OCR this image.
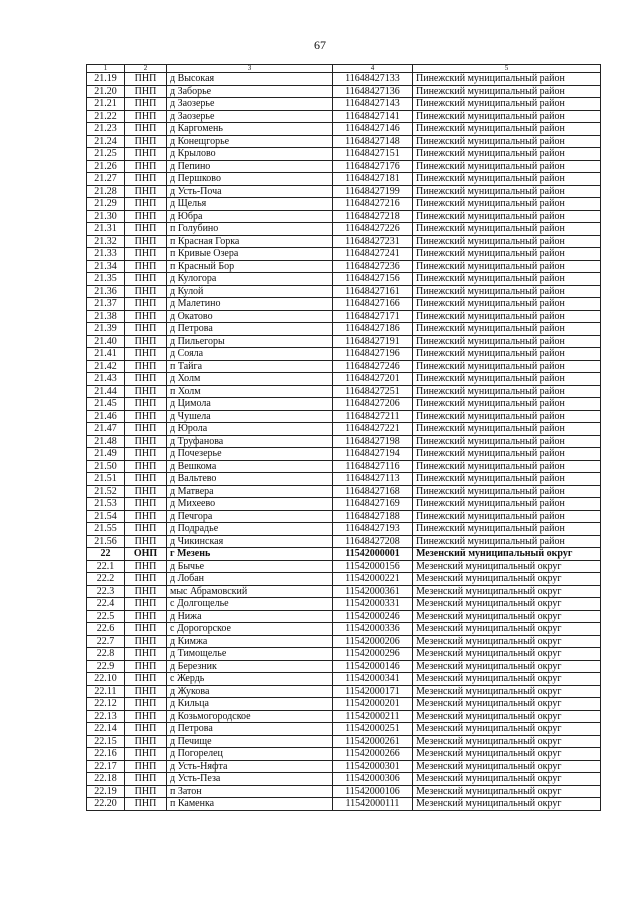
67
1	2	3	4	5
21.19	ПНП	д Высокая	11648427133	Пинежский муниципальный район
21.20	ПНП	д Заборье	11648427136	Пинежский муниципальный район
21.21	ПНП	д Заозерье	11648427143	Пинежский муниципальный район
21.22	ПНП	д Заозерье	11648427141	Пинежский муниципальный район
21.23	ПНП	д Каргомень	11648427146	Пинежский муниципальный район
21.24	ПНП	д Конещгорье	11648427148	Пинежский муниципальный район
21.25	ПНП	д Крылово	11648427151	Пинежский муниципальный район
21.26	ПНП	д Пепино	11648427176	Пинежский муниципальный район
21.27	ПНП	д Першково	11648427181	Пинежский муниципальный район
21.28	ПНП	д Усть-Поча	11648427199	Пинежский муниципальный район
21.29	ПНП	д Щелья	11648427216	Пинежский муниципальный район
21.30	ПНП	д Юбра	11648427218	Пинежский муниципальный район
21.31	ПНП	п Голубино	11648427226	Пинежский муниципальный район
21.32	ПНП	п Красная Горка	11648427231	Пинежский муниципальный район
21.33	ПНП	п Кривые Озера	11648427241	Пинежский муниципальный район
21.34	ПНП	п Красный Бор	11648427236	Пинежский муниципальный район
21.35	ПНП	д Кулогора	11648427156	Пинежский муниципальный район
21.36	ПНП	д Кулой	11648427161	Пинежский муниципальный район
21.37	ПНП	д Малетино	11648427166	Пинежский муниципальный район
21.38	ПНП	д Окатово	11648427171	Пинежский муниципальный район
21.39	ПНП	д Петрова	11648427186	Пинежский муниципальный район
21.40	ПНП	д Пильегоры	11648427191	Пинежский муниципальный район
21.41	ПНП	д Сояла	11648427196	Пинежский муниципальный район
21.42	ПНП	п Тайга	11648427246	Пинежский муниципальный район
21.43	ПНП	д Холм	11648427201	Пинежский муниципальный район
21.44	ПНП	п Холм	11648427251	Пинежский муниципальный район
21.45	ПНП	д Цимола	11648427206	Пинежский муниципальный район
21.46	ПНП	д Чушела	11648427211	Пинежский муниципальный район
21.47	ПНП	д Юрола	11648427221	Пинежский муниципальный район
21.48	ПНП	д Труфанова	11648427198	Пинежский муниципальный район
21.49	ПНП	д Почезерье	11648427194	Пинежский муниципальный район
21.50	ПНП	д Вешкома	11648427116	Пинежский муниципальный район
21.51	ПНП	д Вальтево	11648427113	Пинежский муниципальный район
21.52	ПНП	д Матвера	11648427168	Пинежский муниципальный район
21.53	ПНП	д Михеево	11648427169	Пинежский муниципальный район
21.54	ПНП	д Печгора	11648427188	Пинежский муниципальный район
21.55	ПНП	д Подрадье	11648427193	Пинежский муниципальный район
21.56	ПНП	д Чикинская	11648427208	Пинежский муниципальный район
22	ОНП	г Мезень	11542000001	Мезенский муниципальный округ
22.1	ПНП	д Бычье	11542000156	Мезенский муниципальный округ
22.2	ПНП	д Лобан	11542000221	Мезенский муниципальный округ
22.3	ПНП	мыс Абрамовский	11542000361	Мезенский муниципальный округ
22.4	ПНП	с Долгощелье	11542000331	Мезенский муниципальный округ
22.5	ПНП	д Нижа	11542000246	Мезенский муниципальный округ
22.6	ПНП	с Дорогорское	11542000336	Мезенский муниципальный округ
22.7	ПНП	д Кимжа	11542000206	Мезенский муниципальный округ
22.8	ПНП	д Тимощелье	11542000296	Мезенский муниципальный округ
22.9	ПНП	д Березник	11542000146	Мезенский муниципальный округ
22.10	ПНП	с Жердь	11542000341	Мезенский муниципальный округ
22.11	ПНП	д Жукова	11542000171	Мезенский муниципальный округ
22.12	ПНП	д Кильца	11542000201	Мезенский муниципальный округ
22.13	ПНП	д Козьмогородское	11542000211	Мезенский муниципальный округ
22.14	ПНП	д Петрова	11542000251	Мезенский муниципальный округ
22.15	ПНП	д Печище	11542000261	Мезенский муниципальный округ
22.16	ПНП	д Погорелец	11542000266	Мезенский муниципальный округ
22.17	ПНП	д Усть-Няфта	11542000301	Мезенский муниципальный округ
22.18	ПНП	д Усть-Пеза	11542000306	Мезенский муниципальный округ
22.19	ПНП	п Затон	11542000106	Мезенский муниципальный округ
22.20	ПНП	п Каменка	11542000111	Мезенский муниципальный округ
